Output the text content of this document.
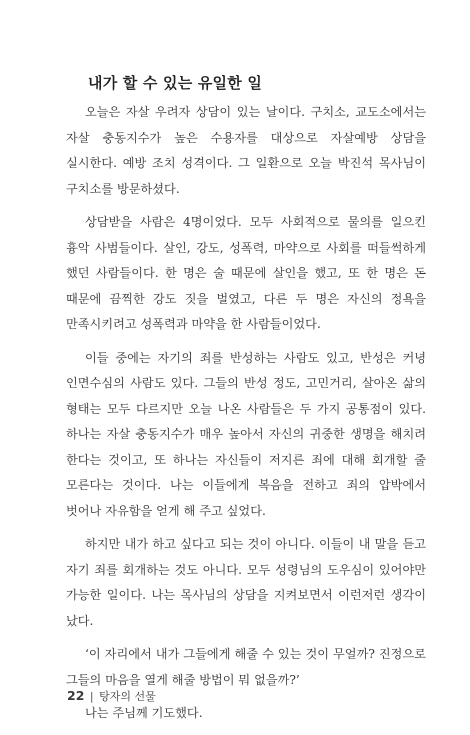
내가 할 수 있는 유일한 일

오늘은 자살 우려자 상담이 있는 날이다. 구치소, 교도소에서는 자살 충동지수가 높은 수용자를 대상으로 자살예방 상담을 실시한다. 예방 조치 성격이다. 그 일환으로 오늘 박진석 목사님이 구치소를 방문하셨다.

상담받을 사람은 4명이었다. 모두 사회적으로 물의를 일으킨 흉악 사범들이다. 살인, 강도, 성폭력, 마약으로 사회를 떠들썩하게 했던 사람들이다. 한 명은 술 때문에 살인을 했고, 또 한 명은 돈 때문에 끔찍한 강도 짓을 벌였고, 다른 두 명은 자신의 정욕을 만족시키려고 성폭력과 마약을 한 사람들이었다.

이들 중에는 자기의 죄를 반성하는 사람도 있고, 반성은 커녕 인면수심의 사람도 있다. 그들의 반성 정도, 고민거리, 살아온 삶의 형태는 모두 다르지만 오늘 나온 사람들은 두 가지 공통점이 있다. 하나는 자살 충동지수가 매우 높아서 자신의 귀중한 생명을 해치려 한다는 것이고, 또 하나는 자신들이 저지른 죄에 대해 회개할 줄 모른다는 것이다. 나는 이들에게 복음을 전하고 죄의 압박에서 벗어나 자유함을 얻게 해 주고 싶었다.

하지만 내가 하고 싶다고 되는 것이 아니다. 이들이 내 말을 듣고 자기 죄를 회개하는 것도 아니다. 모두 성령님의 도우심이 있어야만 가능한 일이다. 나는 목사님의 상담을 지켜보면서 이런저런 생각이 났다.

‘이 자리에서 내가 그들에게 해줄 수 있는 것이 무얼까? 진정으로 그들의 마음을 열게 해줄 방법이 뭐 없을까?’

나는 주님께 기도했다.

22 | 탕자의 선물
